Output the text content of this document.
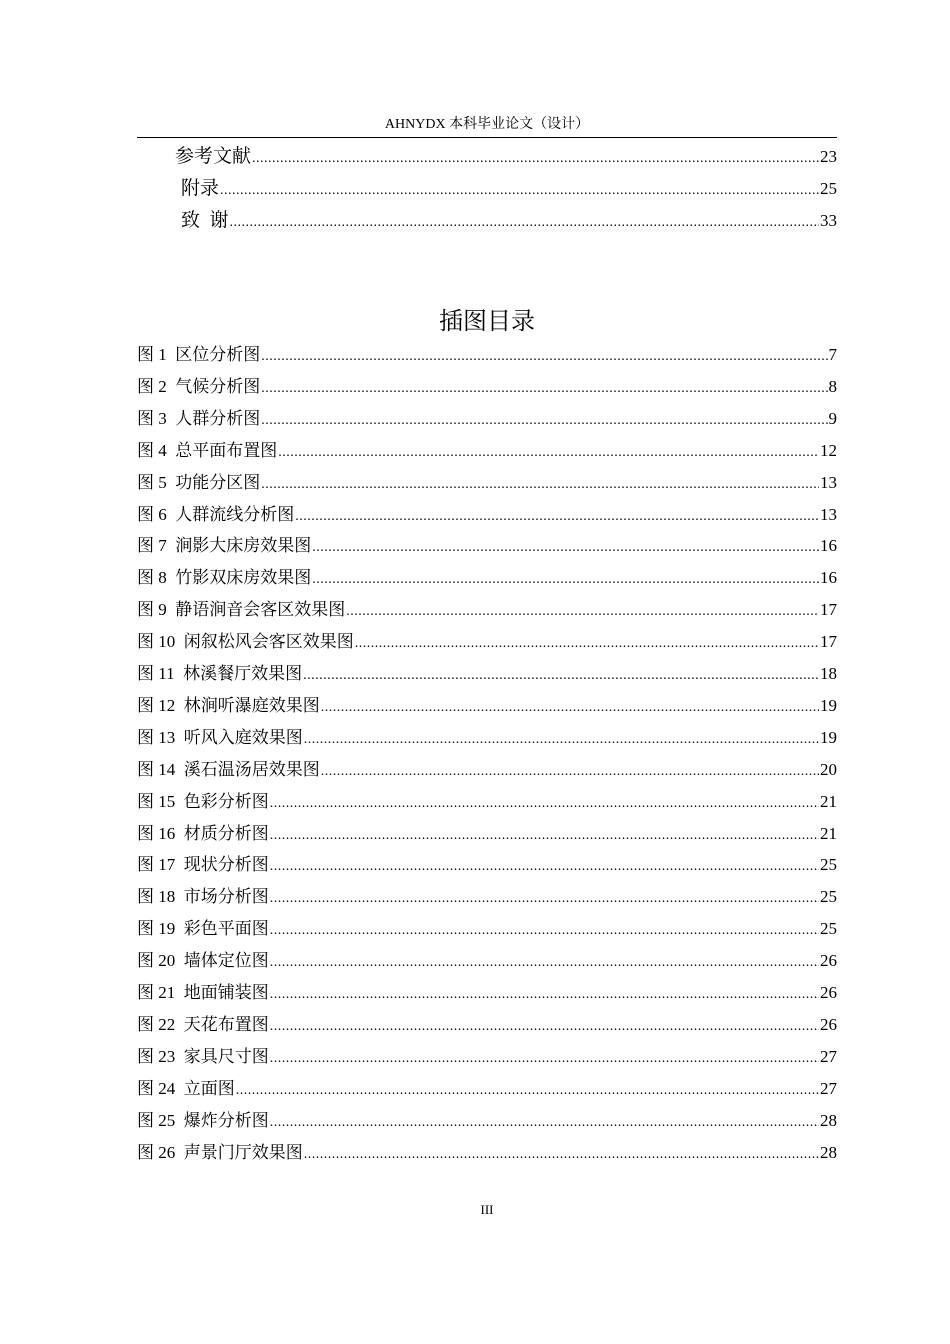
AHNYDX 本科毕业论文（设计）
参考文献 .....	23
附录 .....	25
致  谢 .....	33
插图目录
图 1  区位分析图 .....	7
图 2  气候分析图 .....	8
图 3  人群分析图 .....	9
图 4  总平面布置图 .....	12
图 5  功能分区图 .....	13
图 6  人群流线分析图 .....	13
图 7  涧影大床房效果图 .....	16
图 8  竹影双床房效果图 .....	16
图 9  静语涧音会客区效果图 .....	17
图 10  闲叙松风会客区效果图 .....	17
图 11  林溪餐厅效果图 .....	18
图 12  林涧听瀑庭效果图 .....	19
图 13  听风入庭效果图 .....	19
图 14  溪石温汤居效果图 .....	20
图 15  色彩分析图 .....	21
图 16  材质分析图 .....	21
图 17  现状分析图 .....	25
图 18  市场分析图 .....	25
图 19  彩色平面图 .....	25
图 20  墙体定位图 .....	26
图 21  地面铺装图 .....	26
图 22  天花布置图 .....	26
图 23  家具尺寸图 .....	27
图 24  立面图 .....	27
图 25  爆炸分析图 .....	28
图 26  声景门厅效果图 .....	28
III
